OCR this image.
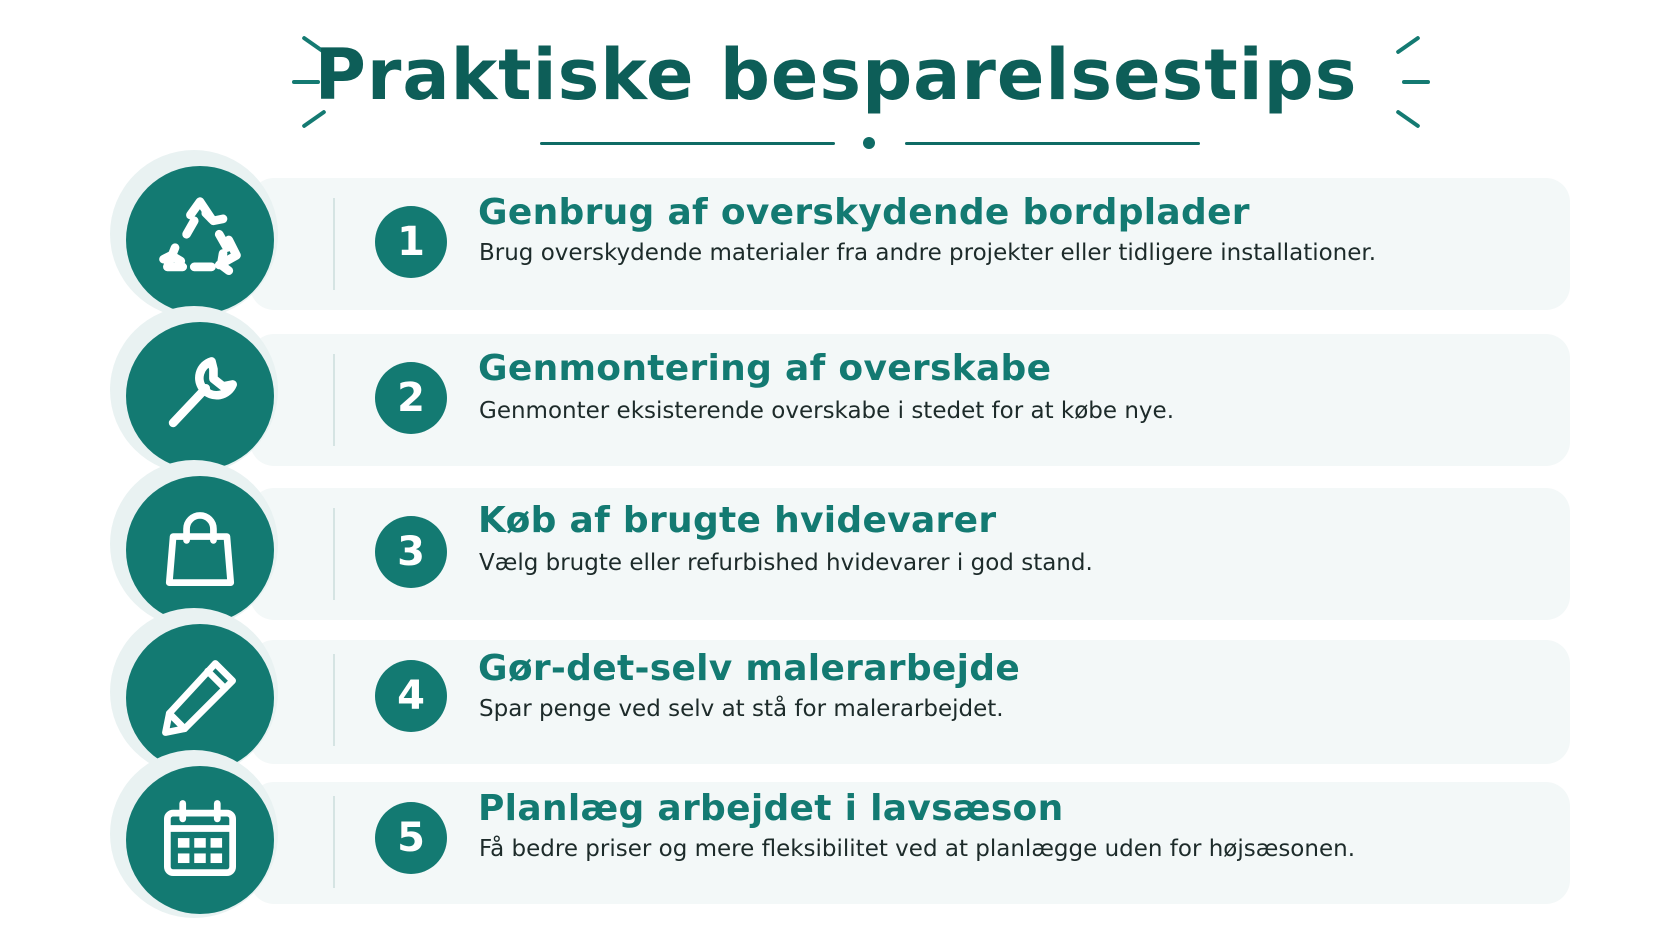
Praktiske besparelsestips
1
Genbrug af overskydende bordplader
Brug overskydende materialer fra andre projekter eller tidligere installationer.
2
Genmontering af overskabe
Genmonter eksisterende overskabe i stedet for at købe nye.
3
Køb af brugte hvidevarer
Vælg brugte eller refurbished hvidevarer i god stand.
4
Gør-det-selv malerarbejde
Spar penge ved selv at stå for malerarbejdet.
5
Planlæg arbejdet i lavsæson
Få bedre priser og mere fleksibilitet ved at planlægge uden for højsæsonen.
